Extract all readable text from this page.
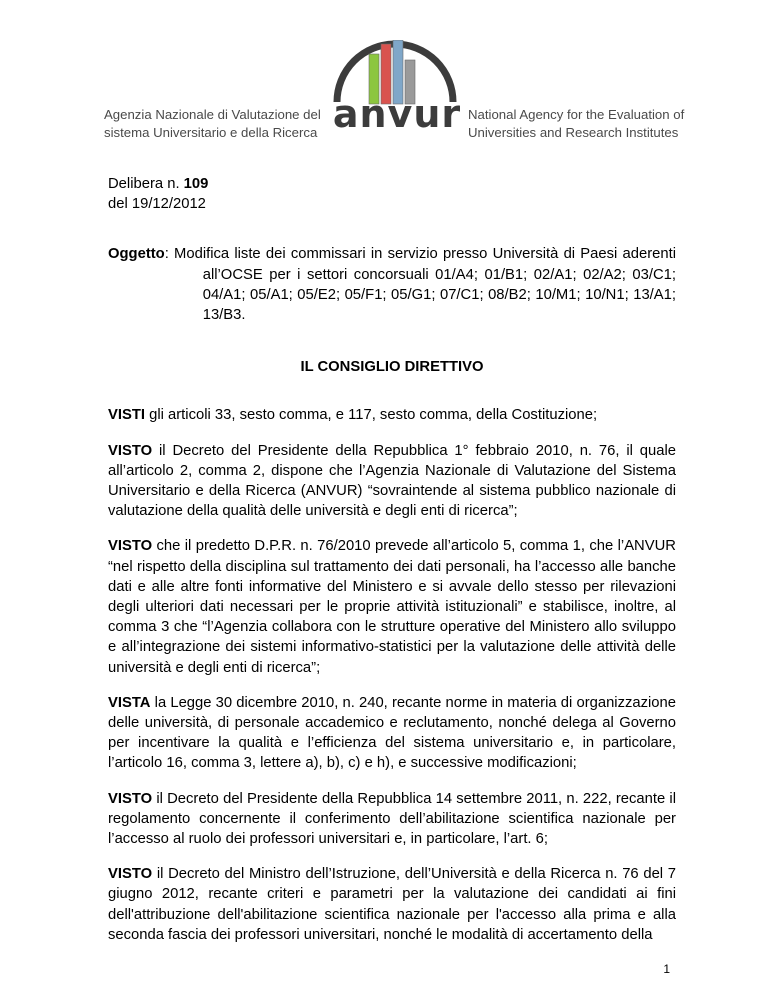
Agenzia Nazionale di Valutazione del
sistema Universitario e della Ricerca anvur National Agency for the Evaluation of
Universities and Research Institutes

Delibera n. 109

del 19/12/2012

Oggetto : Modifica liste dei commissari in servizio presso Università di Paesi aderenti all’OCSE per i settori concorsuali 01/A4; 01/B1; 02/A1; 02/A2; 03/C1; 04/A1; 05/A1; 05/E2; 05/F1; 05/G1; 07/C1; 08/B2; 10/M1; 10/N1; 13/A1; 13/B3.

IL CONSIGLIO DIRETTIVO

VISTI gli articoli 33, sesto comma, e 117, sesto comma, della Costituzione;

VISTO il Decreto del Presidente della Repubblica 1° febbraio 2010, n. 76, il quale all’articolo 2, comma 2, dispone che l’Agenzia Nazionale di Valutazione del Sistema Universitario e della Ricerca (ANVUR) “sovraintende al sistema pubblico nazionale di valutazione della qualità delle università e degli enti di ricerca”;

VISTO che il predetto D.P.R. n. 76/2010 prevede all’articolo 5, comma 1, che l’ANVUR “nel rispetto della disciplina sul trattamento dei dati personali, ha l’accesso alle banche dati e alle altre fonti informative del Ministero e si avvale dello stesso per rilevazioni degli ulteriori dati necessari per le proprie attività istituzionali” e stabilisce, inoltre, al comma 3 che “l’Agenzia collabora con le strutture operative del Ministero allo sviluppo e all’integrazione dei sistemi informativo-statistici per la valutazione delle attività delle università e degli enti di ricerca”;

VISTA la Legge 30 dicembre 2010, n. 240, recante norme in materia di organizzazione delle università, di personale accademico e reclutamento, nonché delega al Governo per incentivare la qualità e l’efficienza del sistema universitario e, in particolare, l’articolo 16, comma 3, lettere a), b), c) e h), e successive modificazioni;

VISTO il Decreto del Presidente della Repubblica 14 settembre 2011, n. 222, recante il regolamento concernente il conferimento dell’abilitazione scientifica nazionale per l’accesso al ruolo dei professori universitari e, in particolare, l’art. 6;

VISTO il Decreto del Ministro dell’Istruzione, dell’Università e della Ricerca n. 76 del 7 giugno 2012, recante criteri e parametri per la valutazione dei candidati ai fini dell'attribuzione dell'abilitazione scientifica nazionale per l'accesso alla prima e alla seconda fascia dei professori universitari, nonché le modalità di accertamento della

1
